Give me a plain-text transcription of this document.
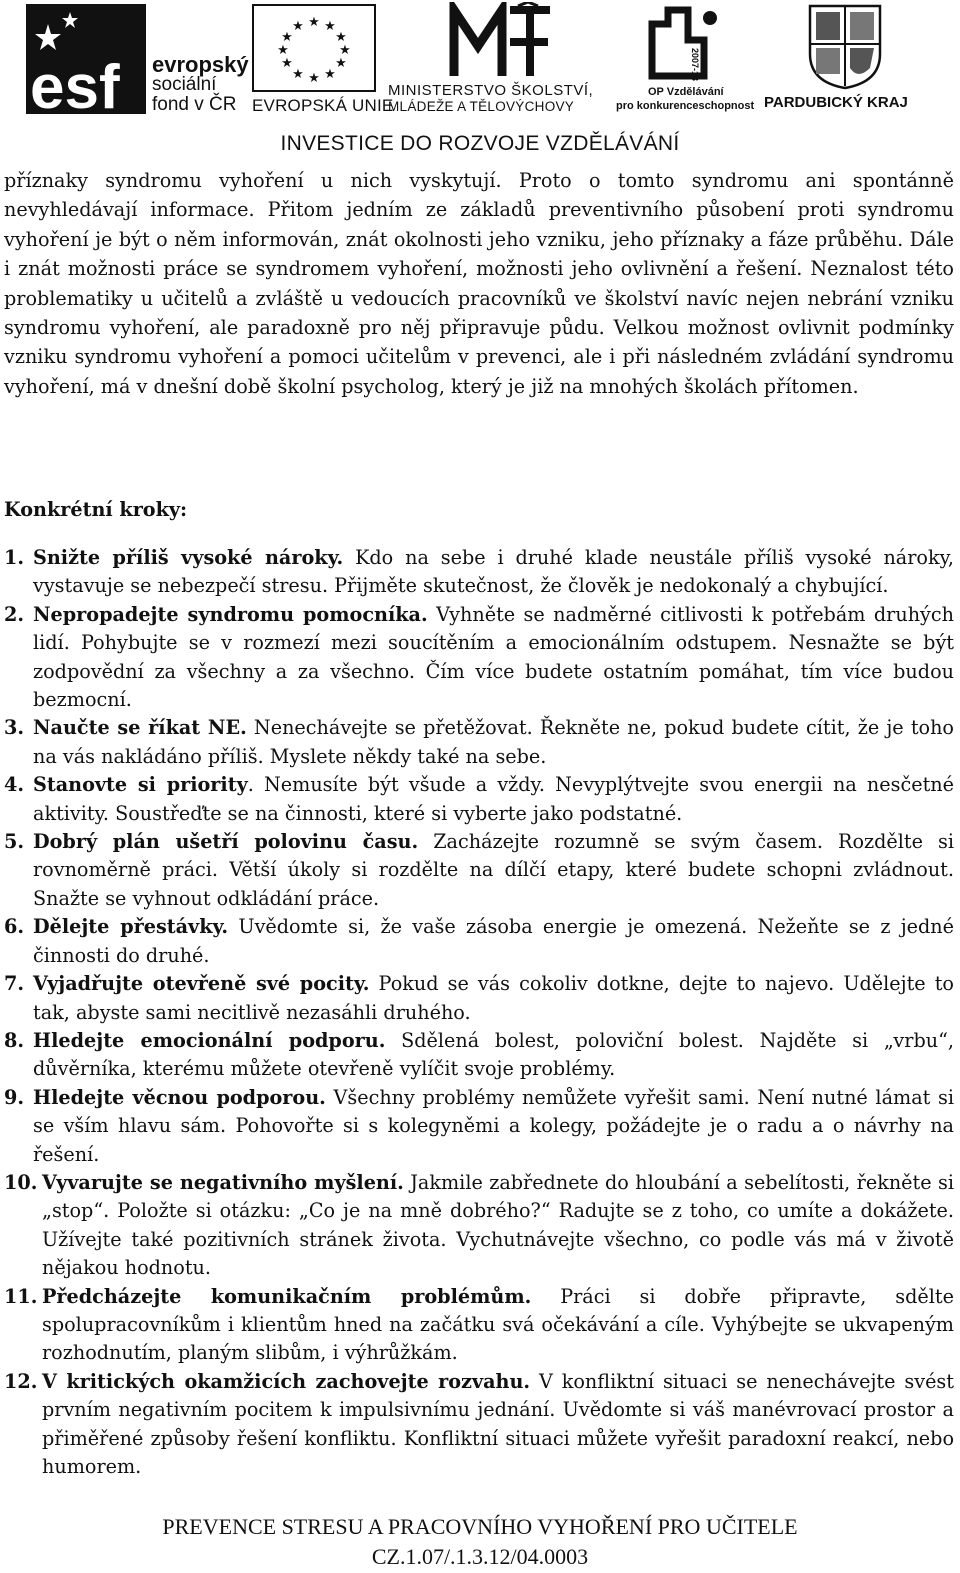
esf evropský
sociální
fond v ČR
★ ★
★
★
★
★
★
★
★
★
★
★
EVROPSKÁ UNIE
MINISTERSTVO ŠKOLSTVÍ,
MLÁDEŽE A TĚLOVÝCHOVY
2007-13
OP Vzdělávání
pro konkurenceschopnost PARDUBICKÝ KRAJ
INVESTICE DO ROZVOJE VZDĚLÁVÁNÍ

příznaky syndromu vyhoření u nich vyskytují. Proto o tomto syndromu ani spontánně nevyhledávají informace. Přitom jedním ze základů preventivního působení proti syndromu vyhoření je být o něm informován, znát okolnosti jeho vzniku, jeho příznaky a fáze průběhu. Dále i znát možnosti práce se syndromem vyhoření, možnosti jeho ovlivnění a řešení. Neznalost této problematiky u učitelů a zvláště u vedoucích pracovníků ve školství navíc nejen nebrání vzniku syndromu vyhoření, ale paradoxně pro něj připravuje půdu. Velkou možnost ovlivnit podmínky vzniku syndromu vyhoření a pomoci učitelům v prevenci, ale i při následném zvládání syndromu vyhoření, má v dnešní době školní psycholog, který je již na mnohých školách přítomen.

Konkrétní kroky:

1. Snižte příliš vysoké nároky. Kdo na sebe i druhé klade neustále příliš vysoké nároky, vystavuje se nebezpečí stresu. Přijměte skutečnost, že člověk je nedokonalý a chybující.
2. Nepropadejte syndromu pomocníka. Vyhněte se nadměrné citlivosti k potřebám druhých lidí. Pohybujte se v rozmezí mezi soucítěním a emocionálním odstupem. Nesnažte se být zodpovědní za všechny a za všechno. Čím více budete ostatním pomáhat, tím více budou bezmocní.
3. Naučte se říkat NE. Nenechávejte se přetěžovat. Řekněte ne, pokud budete cítit, že je toho na vás nakládáno příliš. Myslete někdy také na sebe.
4. Stanovte si priority. Nemusíte být všude a vždy. Nevyplýtvejte svou energii na nesčetné aktivity. Soustřeďte se na činnosti, které si vyberte jako podstatné.
5. Dobrý plán ušetří polovinu času. Zacházejte rozumně se svým časem. Rozdělte si rovnoměrně práci. Větší úkoly si rozdělte na dílčí etapy, které budete schopni zvládnout. Snažte se vyhnout odkládání práce.
6. Dělejte přestávky. Uvědomte si, že vaše zásoba energie je omezená. Nežeňte se z jedné činnosti do druhé.
7. Vyjadřujte otevřeně své pocity. Pokud se vás cokoliv dotkne, dejte to najevo. Udělejte to tak, abyste sami necitlivě nezasáhli druhého.
8. Hledejte emocionální podporu. Sdělená bolest, poloviční bolest. Najděte si „vrbu“, důvěrníka, kterému můžete otevřeně vylíčit svoje problémy.
9. Hledejte věcnou podporou. Všechny problémy nemůžete vyřešit sami. Není nutné lámat si se vším hlavu sám. Pohovořte si s kolegyněmi a kolegy, požádejte je o radu a o návrhy na řešení.
10. Vyvarujte se negativního myšlení. Jakmile zabřednete do hloubání a sebelítosti, řekněte si „stop“. Položte si otázku: „Co je na mně dobrého?“ Radujte se z toho, co umíte a dokážete. Užívejte také pozitivních stránek života. Vychutnávejte všechno, co podle vás má v životě nějakou hodnotu.
11. Předcházejte komunikačním problémům. Práci si dobře připravte, sdělte spolupracovníkům i klientům hned na začátku svá očekávání a cíle. Vyhýbejte se ukvapeným rozhodnutím, planým slibům, i výhrůžkám.
12. V kritických okamžicích zachovejte rozvahu. V konfliktní situaci se nenechávejte svést prvním negativním pocitem k impulsivnímu jednání. Uvědomte si váš manévrovací prostor a přiměřené způsoby řešení konfliktu. Konfliktní situaci můžete vyřešit paradoxní reakcí, nebo humorem.
PREVENCE STRESU A PRACOVNÍHO VYHOŘENÍ PRO UČITELE
CZ.1.07/.1.3.12/04.0003
